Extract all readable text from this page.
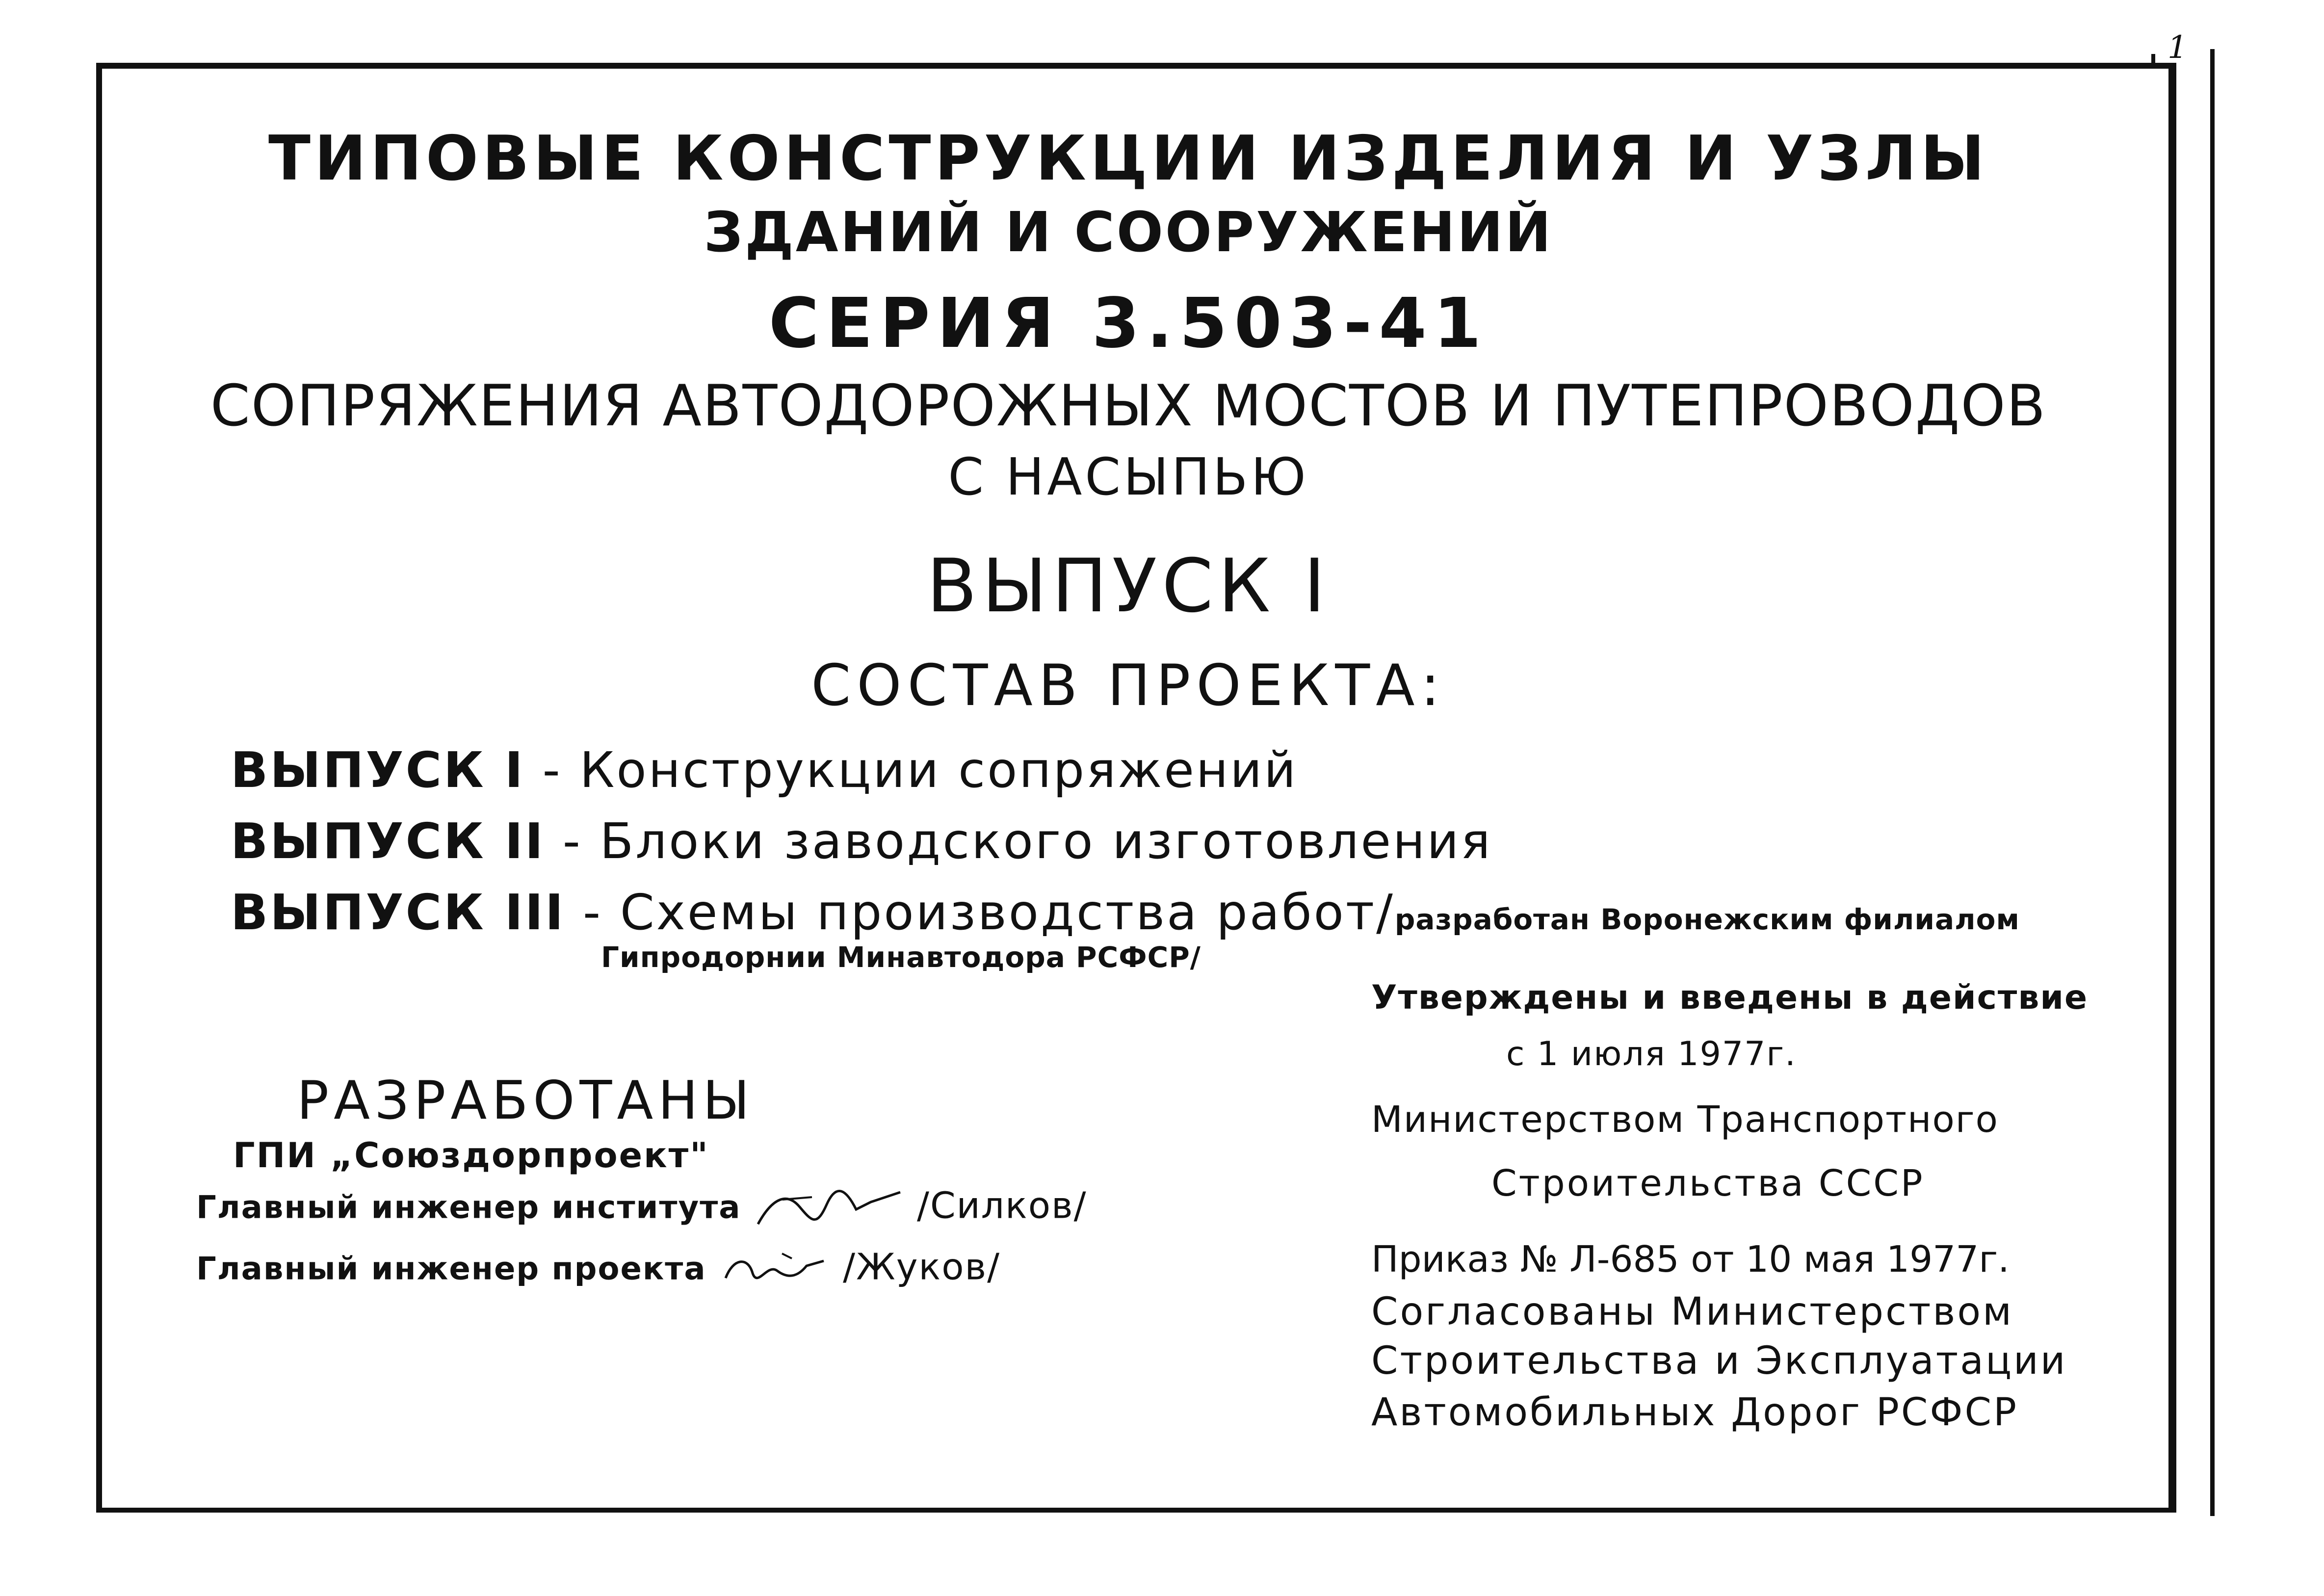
1
ТИПОВЫЕ КОНСТРУКЦИИ ИЗДЕЛИЯ И УЗЛЫ
ЗДАНИЙ И СООРУЖЕНИЙ
СЕРИЯ 3.503-41
СОПРЯЖЕНИЯ АВТОДОРОЖНЫХ МОСТОВ И ПУТЕПРОВОДОВ
С НАСЫПЬЮ
ВЫПУСК I
СОСТАВ ПРОЕКТА:
ВЫПУСК I - Конструкции сопряжений
ВЫПУСК II - Блоки заводского изготовления
ВЫПУСК III - Схемы производства работ/разработан Воронежским филиалом
Гипродорнии Минавтодора РСФСР/
РАЗРАБОТАНЫ
ГПИ „Союздорпроект"
Главный инженер института	/Силков/
Главный инженер проекта	/Жуков/
Утверждены и введены в действие
с 1 июля 1977г.
Министерством Транспортного
Строительства СССР
Приказ № Л-685 от 10 мая 1977г.
Согласованы Министерством
Строительства и Эксплуатации
Автомобильных Дорог РСФСР
